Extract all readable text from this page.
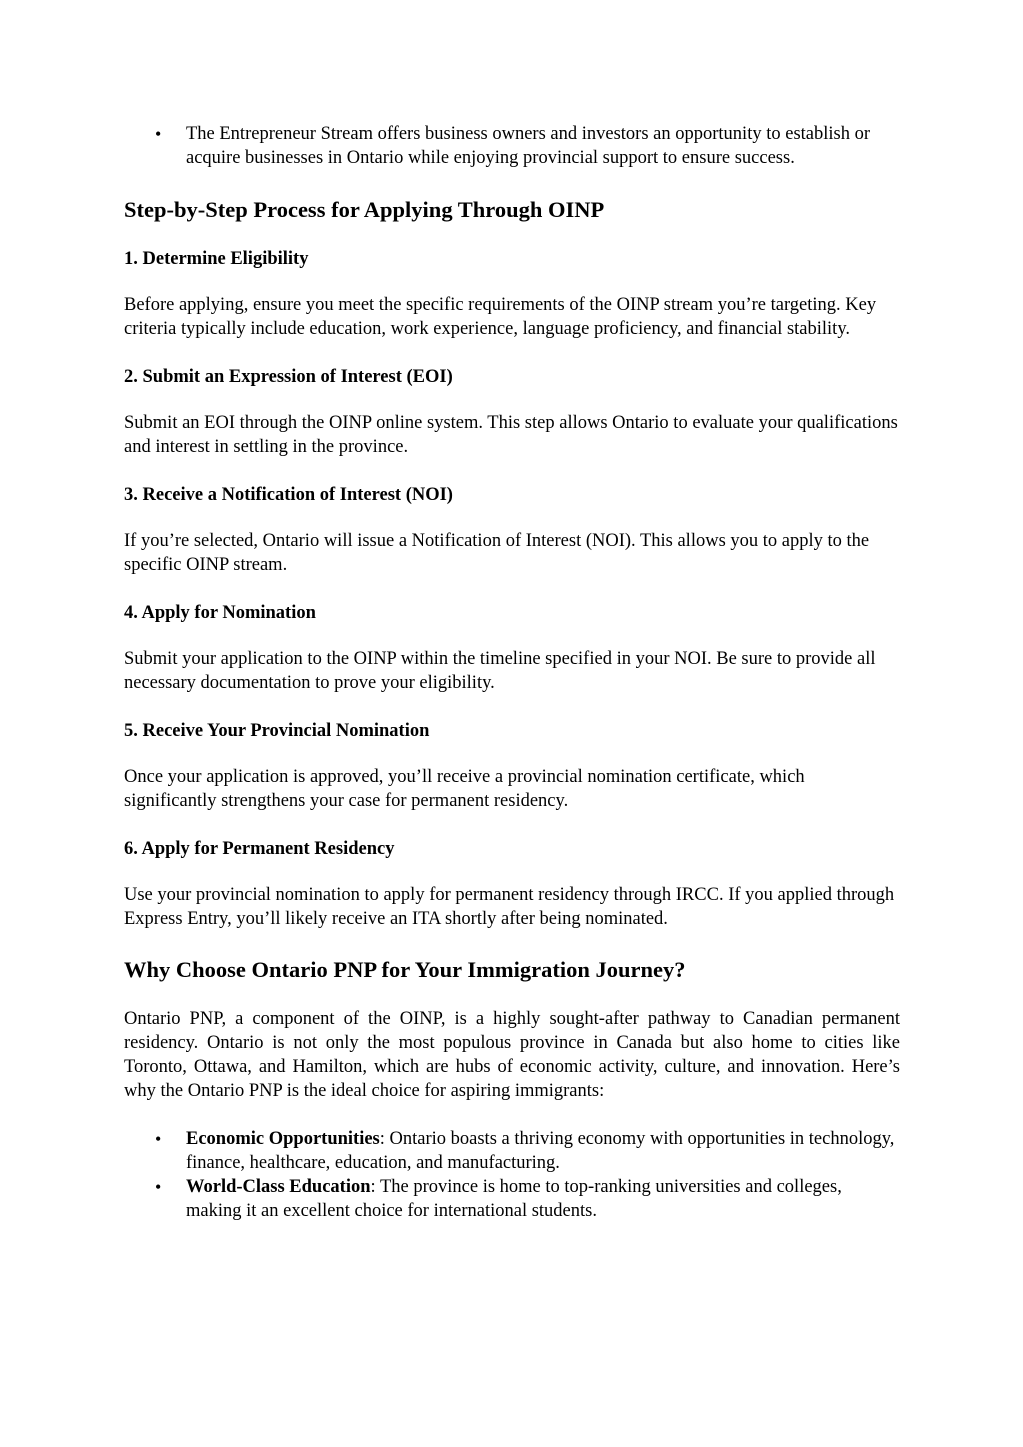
• The Entrepreneur Stream offers business owners and investors an opportunity to establish or acquire businesses in Ontario while enjoying provincial support to ensure success.
Step-by-Step Process for Applying Through OINP
1. Determine Eligibility

Before applying, ensure you meet the specific requirements of the OINP stream you’re targeting. Key criteria typically include education, work experience, language proficiency, and financial stability.

2. Submit an Expression of Interest (EOI)

Submit an EOI through the OINP online system. This step allows Ontario to evaluate your qualifications and interest in settling in the province.

3. Receive a Notification of Interest (NOI)

If you’re selected, Ontario will issue a Notification of Interest (NOI). This allows you to apply to the specific OINP stream.

4. Apply for Nomination

Submit your application to the OINP within the timeline specified in your NOI. Be sure to provide all necessary documentation to prove your eligibility.

5. Receive Your Provincial Nomination

Once your application is approved, you’ll receive a provincial nomination certificate, which significantly strengthens your case for permanent residency.

6. Apply for Permanent Residency

Use your provincial nomination to apply for permanent residency through IRCC. If you applied through Express Entry, you’ll likely receive an ITA shortly after being nominated.

Why Choose Ontario PNP for Your Immigration Journey?

Ontario PNP, a component of the OINP, is a highly sought-after pathway to Canadian permanent residency. Ontario is not only the most populous province in Canada but also home to cities like Toronto, Ottawa, and Hamilton, which are hubs of economic activity, culture, and innovation. Here’s why the Ontario PNP is the ideal choice for aspiring immigrants:

• Economic Opportunities: Ontario boasts a thriving economy with opportunities in technology, finance, healthcare, education, and manufacturing.
• World-Class Education: The province is home to top-ranking universities and colleges, making it an excellent choice for international students.
